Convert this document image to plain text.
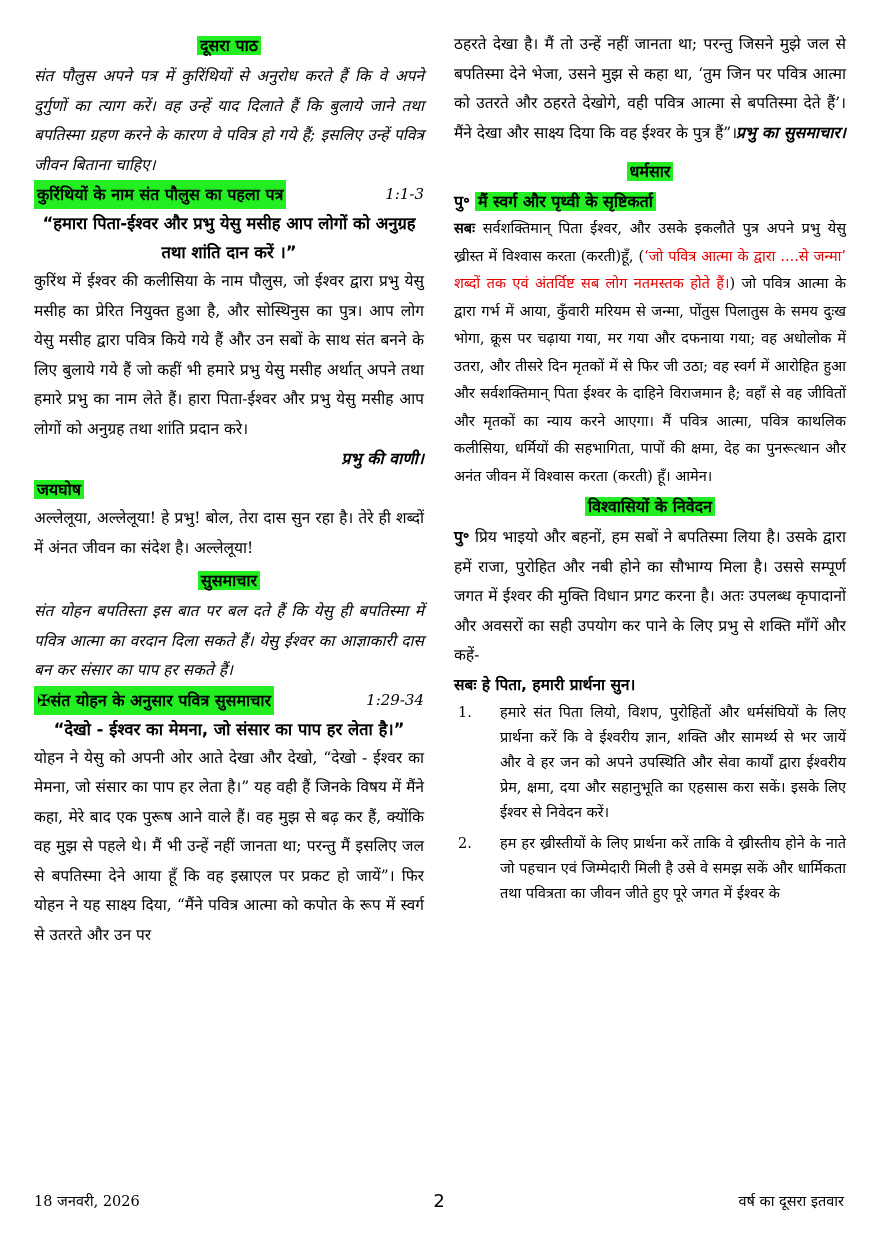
दूसरा पाठ

संत पौलुस अपने पत्र में कुरिंथियों से अनुरोध करते हैं कि वे अपने दुर्गुणों का त्याग करें। वह उन्हें याद दिलाते हैं कि बुलाये जाने तथा बपतिस्मा ग्रहण करने के कारण वे पवित्र हो गये हैं; इसलिए उन्हें पवित्र जीवन बिताना चाहिए।

कुरिंथियों के नाम संत पौलुस का पहला पत्र	1:1-3

“हमारा पिता-ईश्वर और प्रभु येसु मसीह आप लोगों को अनुग्रह तथा शांति दान करें ।”

कुरिंथ में ईश्वर की कलीसिया के नाम पौलुस, जो ईश्वर द्वारा प्रभु येसु मसीह का प्रेरित नियुक्त हुआ है, और सोस्थिनुस का पुत्र। आप लोग येसु मसीह द्वारा पवित्र किये गये हैं और उन सबों के साथ संत बनने के लिए बुलाये गये हैं जो कहीं भी हमारे प्रभु येसु मसीह अर्थात् अपने तथा हमारे प्रभु का नाम लेते हैं। हारा पिता-ईश्वर और प्रभु येसु मसीह आप लोगों को अनुग्रह तथा शांति प्रदान करे।

प्रभु की वाणी।

जयघोष

अल्लेलूया, अल्लेलूया! हे प्रभु! बोल, तेरा दास सुन रहा है। तेरे ही शब्दों में अंनत जीवन का संदेश है। अल्लेलूया!

सुसमाचार

संत योहन बपतिस्ता इस बात पर बल दते हैं कि येसु ही बपतिस्मा में पवित्र आत्मा का वरदान दिला सकते हैं। येसु ईश्वर का आज्ञाकारी दास बन कर संसार का पाप हर सकते हैं।

✠संत योहन के अनुसार पवित्र सुसमाचार	1:29-34

“देखो - ईश्वर का मेमना, जो संसार का पाप हर लेता है।”

योहन ने येसु को अपनी ओर आते देखा और देखो, “देखो - ईश्वर का मेमना, जो संसार का पाप हर लेता है।” यह वही हैं जिनके विषय में मैंने कहा, मेरे बाद एक पुरूष आने वाले हैं। वह मुझ से बढ़ कर हैं, क्योंकि वह मुझ से पहले थे। मैं भी उन्हें नहीं जानता था; परन्तु मैं इसलिए जल से बपतिस्मा देने आया हूँ कि वह इस्राएल पर प्रकट हो जायें”। फिर योहन ने यह साक्ष्य दिया, “मैंने पवित्र आत्मा को कपोत के रूप में स्वर्ग से उतरते और उन पर

ठहरते देखा है। मैं तो उन्हें नहीं जानता था; परन्तु जिसने मुझे जल से बपतिस्मा देने भेजा, उसने मुझ से कहा था, ‘तुम जिन पर पवित्र आत्मा को उतरते और ठहरते देखोगे, वही पवित्र आत्मा से बपतिस्मा देते हैं’। मैंने देखा और साक्ष्य दिया कि वह ईश्वर के पुत्र हैं”।

प्रभु का सुसमाचार।

धर्मसार
पु॰ मैं स्वर्ग और पृथ्वी के सृष्टिकर्ता

सबः सर्वशक्तिमान् पिता ईश्वर, और उसके इकलौते पुत्र अपने प्रभु येसु ख्रीस्त में विश्वास करता (करती)हूँ, (‘जो पवित्र आत्मा के द्वारा ....से जन्मा’ शब्दों तक एवं अंतर्विष्ट सब लोग नतमस्तक होते हैं।) जो पवित्र आत्मा के द्वारा गर्भ में आया, कुँवारी मरियम से जन्मा, पोंतुस पिलातुस के समय दुःख भोगा, क्रूस पर चढ़ाया गया, मर गया और दफनाया गया; वह अधोलोक में उतरा, और तीसरे दिन मृतकों में से फिर जी उठा; वह स्वर्ग में आरोहित हुआ और सर्वशक्तिमान् पिता ईश्वर के दाहिने विराजमान है; वहाँ से वह जीवितों और मृतकों का न्याय करने आएगा। मैं पवित्र आत्मा, पवित्र काथलिक कलीसिया, धर्मियों की सहभागिता, पापों की क्षमा, देह का पुनरूत्थान और अनंत जीवन में विश्वास करता (करती) हूँ। आमेन।

विश्वासियों के निवेदन

पु॰ प्रिय भाइयो और बहनों, हम सबों ने बपतिस्मा लिया है। उसके द्वारा हमें राजा, पुरोहित और नबी होने का सौभाग्य मिला है। उससे सम्पूर्ण जगत में ईश्वर की मुक्ति विधान प्रगट करना है। अतः उपलब्ध कृपादानों और अवसरों का सही उपयोग कर पाने के लिए प्रभु से शक्ति माँगें और कहें-

सबः हे पिता, हमारी प्रार्थना सुन।

1.	हमारे संत पिता लियो, विशप, पुरोहितों और धर्मसंघियों के लिए प्रार्थना करें कि वे ईश्वरीय ज्ञान, शक्ति और सामर्थ्य से भर जायें और वे हर जन को अपने उपस्थिति और सेवा कार्यों द्वारा ईश्वरीय प्रेम, क्षमा, दया और सहानुभूति का एहसास करा सकें। इसके लिए ईश्वर से निवेदन करें।
2.	हम हर ख्रीस्तीयों के लिए प्रार्थना करें ताकि वे ख्रीस्तीय होने के नाते जो पहचान एवं जिम्मेदारी मिली है उसे वे समझ सकें और धार्मिकता तथा पवित्रता का जीवन जीते हुए पूरे जगत में ईश्वर के
18 जनवरी, 2026	2	वर्ष का दूसरा इतवार
